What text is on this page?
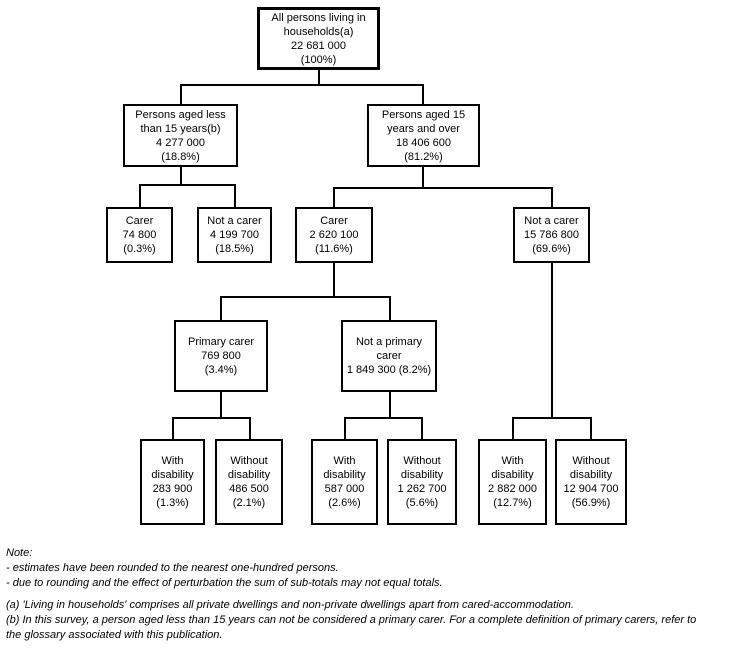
All persons living in
households(a)
22 681 000
(100%)
Persons aged less
than 15 years(b)
4 277 000
(18.8%)
Persons aged 15
years and over
18 406 600
(81.2%)
Carer
74 800
(0.3%)
Not a carer
4 199 700
(18.5%)
Carer
2 620 100
(11.6%)
Not a carer
15 786 800
(69.6%)
Primary carer
769 800
(3.4%)
Not a primary
carer
1 849 300 (8.2%)
With
disability
283 900
(1.3%)
Without
disability
486 500
(2.1%)
With
disability
587 000
(2.6%)
Without
disability
1 262 700
(5.6%)
With
disability
2 882 000
(12.7%)
Without
disability
12 904 700
(56.9%)
Note:
- estimates have been rounded to the nearest one-hundred persons.
- due to rounding and the effect of perturbation the sum of sub-totals may not equal totals.
(a) 'Living in households' comprises all private dwellings and non-private dwellings apart from cared-accommodation.
(b) In this survey, a person aged less than 15 years can not be considered a primary carer. For a complete definition of primary carers, refer to the glossary associated with this publication.
